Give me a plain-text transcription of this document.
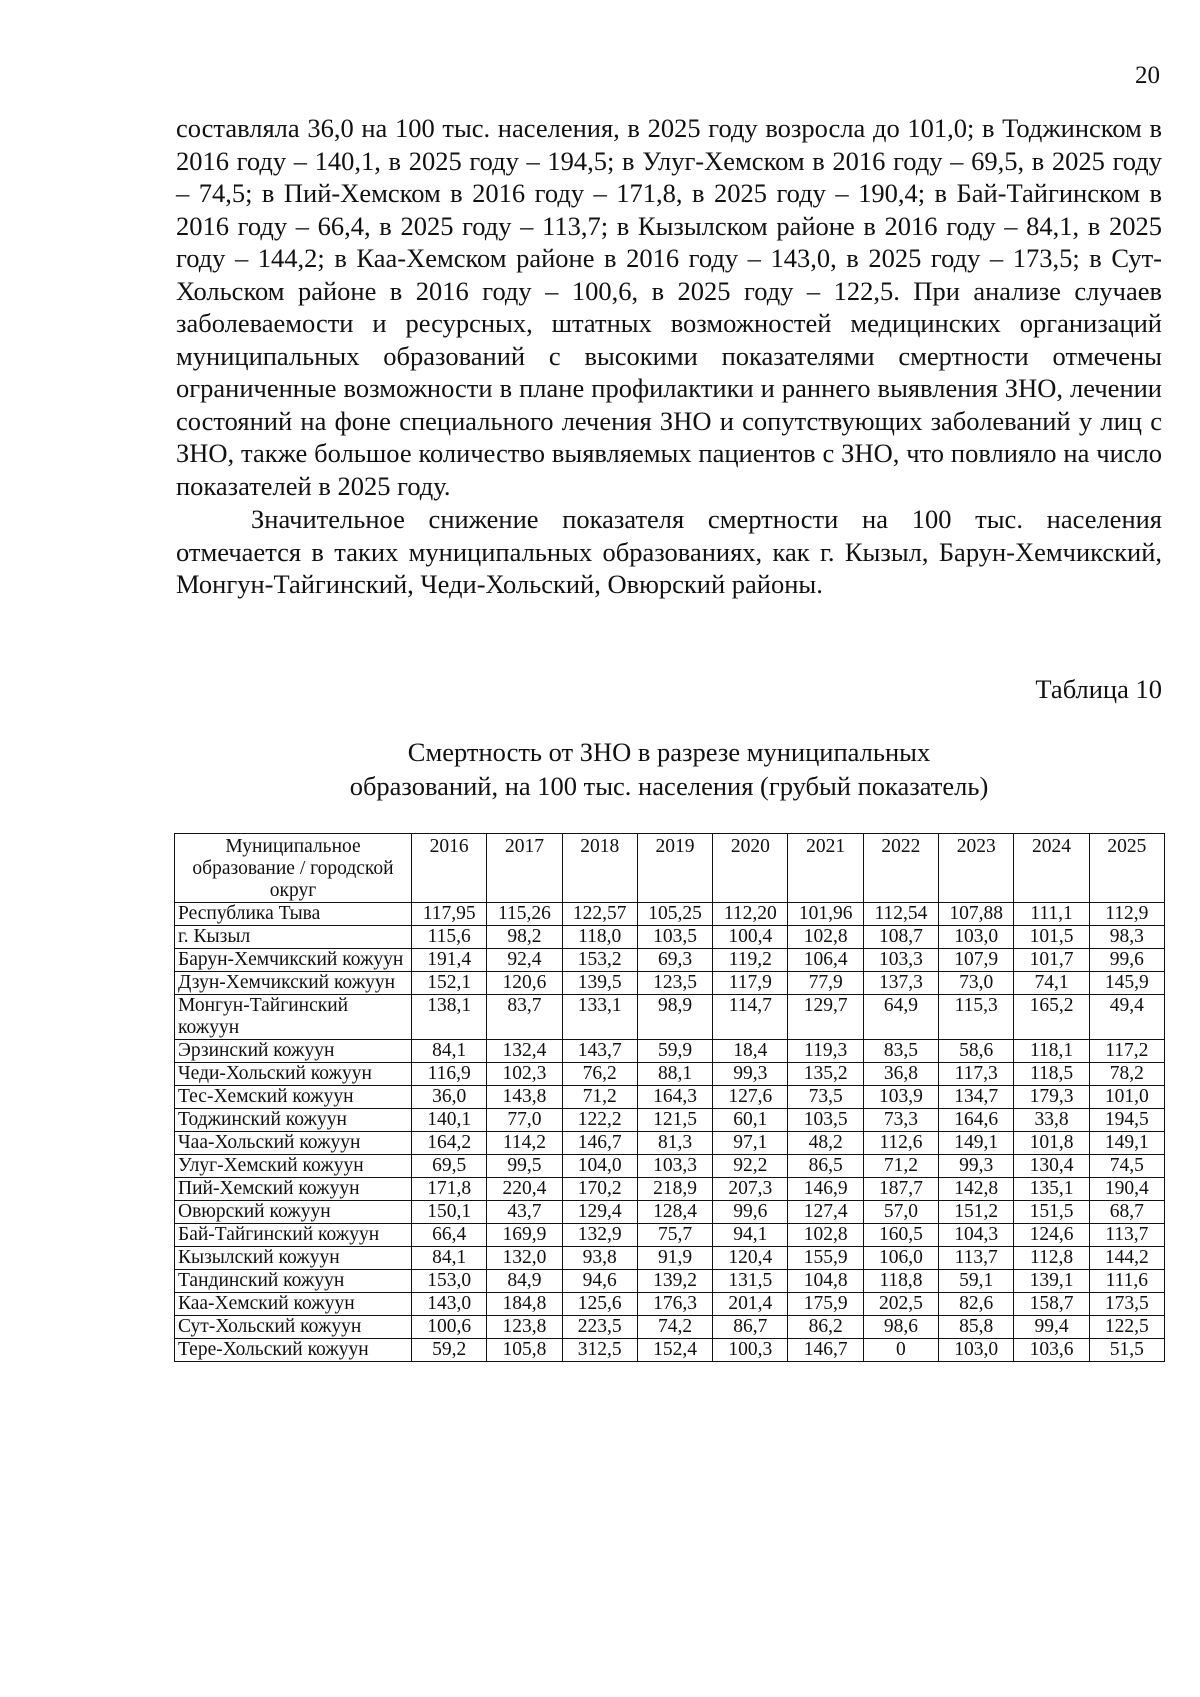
20

составляла 36,0 на 100 тыс. населения, в 2025 году возросла до 101,0; в Тоджинском в 2016 году – 140,1, в 2025 году – 194,5; в Улуг-Хемском в 2016 году – 69,5, в 2025 году – 74,5; в Пий-Хемском в 2016 году – 171,8, в 2025 году – 190,4; в Бай-Тайгинском в 2016 году – 66,4, в 2025 году – 113,7; в Кызылском районе в 2016 году – 84,1, в 2025 году – 144,2; в Каа-Хемском районе в 2016 году – 143,0, в 2025 году – 173,5; в Сут-Хольском районе в 2016 году – 100,6, в 2025 году – 122,5. При анализе случаев заболеваемости и ресурсных, штатных возможностей медицинских организаций муниципальных образований с высокими показателями смертности отмечены ограниченные возможности в плане профилактики и раннего выявления ЗНО, лечении состояний на фоне специального лечения ЗНО и сопутствующих заболеваний у лиц с ЗНО, также большое количество выявляемых пациентов с ЗНО, что повлияло на число показателей в 2025 году.

Значительное снижение показателя смертности на 100 тыс. населения отмечается в таких муниципальных образованиях, как г. Кызыл, Барун-Хемчикский, Монгун-Тайгинский, Чеди-Хольский, Овюрский районы.

Таблица 10
Смертность от ЗНО в разрезе муниципальных
образований, на 100 тыс. населения (грубый показатель)
Муниципальное образование / городской округ	2016	2017	2018	2019	2020	2021	2022	2023	2024	2025
Республика Тыва	117,95	115,26	122,57	105,25	112,20	101,96	112,54	107,88	111,1	112,9
г. Кызыл	115,6	98,2	118,0	103,5	100,4	102,8	108,7	103,0	101,5	98,3
Барун-Хемчикский кожуун	191,4	92,4	153,2	69,3	119,2	106,4	103,3	107,9	101,7	99,6
Дзун-Хемчикский кожуун	152,1	120,6	139,5	123,5	117,9	77,9	137,3	73,0	74,1	145,9
Монгун-Тайгинский кожуун	138,1	83,7	133,1	98,9	114,7	129,7	64,9	115,3	165,2	49,4
Эрзинский кожуун	84,1	132,4	143,7	59,9	18,4	119,3	83,5	58,6	118,1	117,2
Чеди-Хольский кожуун	116,9	102,3	76,2	88,1	99,3	135,2	36,8	117,3	118,5	78,2
Тес-Хемский кожуун	36,0	143,8	71,2	164,3	127,6	73,5	103,9	134,7	179,3	101,0
Тоджинский кожуун	140,1	77,0	122,2	121,5	60,1	103,5	73,3	164,6	33,8	194,5
Чаа-Хольский кожуун	164,2	114,2	146,7	81,3	97,1	48,2	112,6	149,1	101,8	149,1
Улуг-Хемский кожуун	69,5	99,5	104,0	103,3	92,2	86,5	71,2	99,3	130,4	74,5
Пий-Хемский кожуун	171,8	220,4	170,2	218,9	207,3	146,9	187,7	142,8	135,1	190,4
Овюрский кожуун	150,1	43,7	129,4	128,4	99,6	127,4	57,0	151,2	151,5	68,7
Бай-Тайгинский кожуун	66,4	169,9	132,9	75,7	94,1	102,8	160,5	104,3	124,6	113,7
Кызылский кожуун	84,1	132,0	93,8	91,9	120,4	155,9	106,0	113,7	112,8	144,2
Тандинский кожуун	153,0	84,9	94,6	139,2	131,5	104,8	118,8	59,1	139,1	111,6
Каа-Хемский кожуун	143,0	184,8	125,6	176,3	201,4	175,9	202,5	82,6	158,7	173,5
Сут-Хольский кожуун	100,6	123,8	223,5	74,2	86,7	86,2	98,6	85,8	99,4	122,5
Тере-Хольский кожуун	59,2	105,8	312,5	152,4	100,3	146,7	0	103,0	103,6	51,5
